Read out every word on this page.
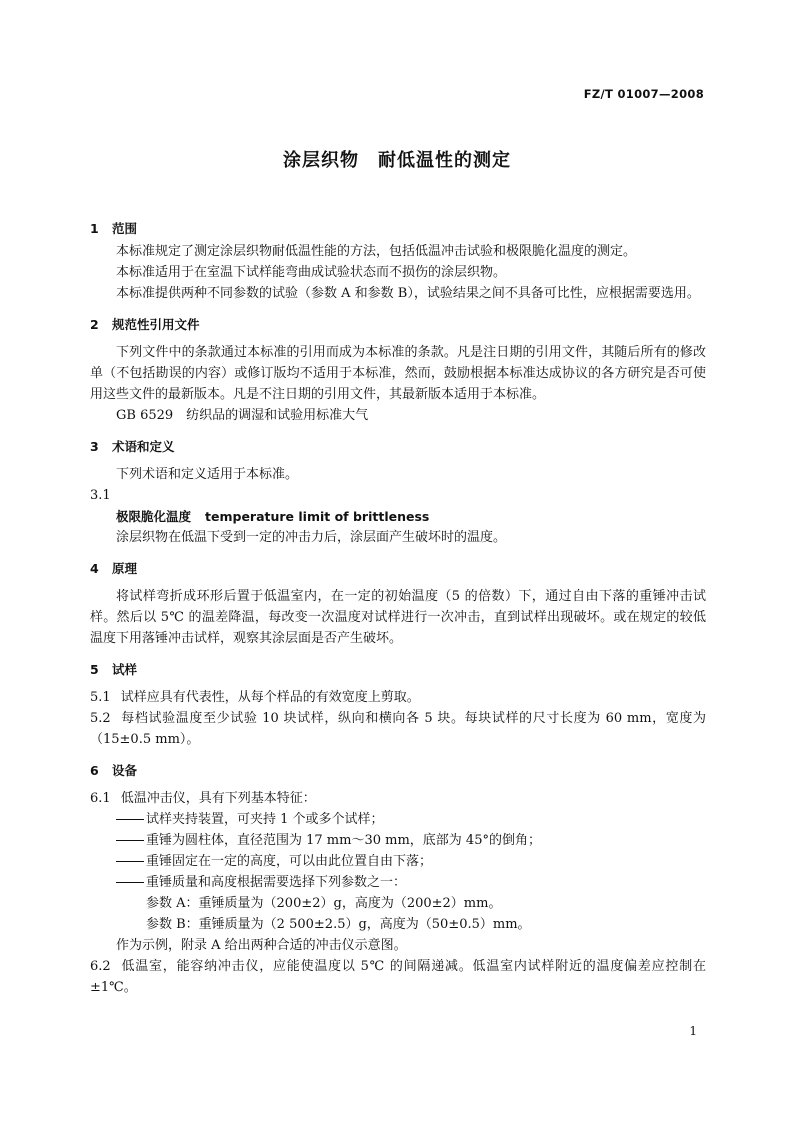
FZ/T 01007—2008
涂层织物　耐低温性的测定
1 范围
本标准规定了测定涂层织物耐低温性能的方法，包括低温冲击试验和极限脆化温度的测定。
本标准适用于在室温下试样能弯曲成试验状态而不损伤的涂层织物。
本标准提供两种不同参数的试验（参数 A 和参数 B），试验结果之间不具备可比性，应根据需要选用。
2 规范性引用文件
下列文件中的条款通过本标准的引用而成为本标准的条款。凡是注日期的引用文件，其随后所有的修改单（不包括勘误的内容）或修订版均不适用于本标准，然而，鼓励根据本标准达成协议的各方研究是否可使用这些文件的最新版本。凡是不注日期的引用文件，其最新版本适用于本标准。
GB 6529　纺织品的调湿和试验用标准大气
3 术语和定义
下列术语和定义适用于本标准。
3.1
极限脆化温度 temperature limit of brittleness
涂层织物在低温下受到一定的冲击力后，涂层面产生破坏时的温度。
4 原理
将试样弯折成环形后置于低温室内，在一定的初始温度（5 的倍数）下，通过自由下落的重锤冲击试样。然后以 5℃ 的温差降温，每改变一次温度对试样进行一次冲击，直到试样出现破坏。或在规定的较低温度下用落锤冲击试样，观察其涂层面是否产生破坏。
5 试样
5.1 试样应具有代表性，从每个样品的有效宽度上剪取。
5.2 每档试验温度至少试验 10 块试样，纵向和横向各 5 块。每块试样的尺寸长度为 60 mm，宽度为（15±0.5 mm）。
6 设备
6.1 低温冲击仪，具有下列基本特征：
试样夹持装置，可夹持 1 个或多个试样；
重锤为圆柱体，直径范围为 17 mm～30 mm，底部为 45°的倒角；
重锤固定在一定的高度，可以由此位置自由下落；
重锤质量和高度根据需要选择下列参数之一：
参数 A：重锤质量为（200±2）g，高度为（200±2）mm。
参数 B：重锤质量为（2 500±2.5）g，高度为（50±0.5）mm。
作为示例，附录 A 给出两种合适的冲击仪示意图。
6.2 低温室，能容纳冲击仪，应能使温度以 5℃ 的间隔递减。低温室内试样附近的温度偏差应控制在±1℃。
1
